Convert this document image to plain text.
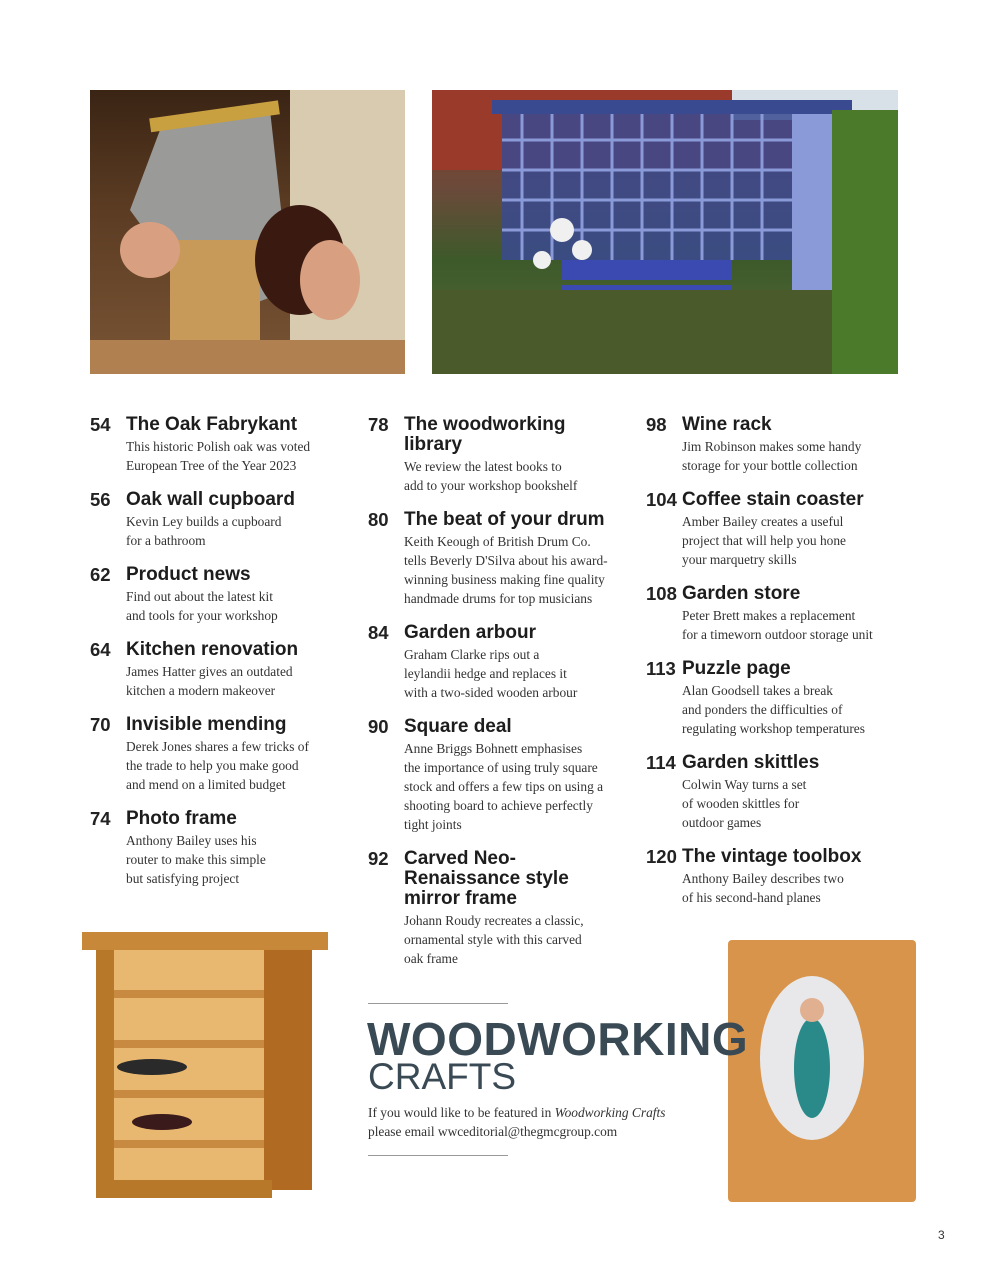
54 The Oak Fabrykant
This historic Polish oak was voted
European Tree of the Year 2023
56 Oak wall cupboard
Kevin Ley builds a cupboard
for a bathroom
62 Product news
Find out about the latest kit
and tools for your workshop
64 Kitchen renovation
James Hatter gives an outdated
kitchen a modern makeover
70 Invisible mending
Derek Jones shares a few tricks of
the trade to help you make good
and mend on a limited budget
74 Photo frame
Anthony Bailey uses his
router to make this simple
but satisfying project
78 The woodworking library
We review the latest books to
add to your workshop bookshelf
80 The beat of your drum
Keith Keough of British Drum Co.
tells Beverly D'Silva about his award-
winning business making fine quality
handmade drums for top musicians
84 Garden arbour
Graham Clarke rips out a
leylandii hedge and replaces it
with a two-sided wooden arbour
90 Square deal
Anne Briggs Bohnett emphasises
the importance of using truly square
stock and offers a few tips on using a
shooting board to achieve perfectly
tight joints
92 Carved Neo-Renaissance style mirror frame
Johann Roudy recreates a classic,
ornamental style with this carved
oak frame
98 Wine rack
Jim Robinson makes some handy
storage for your bottle collection
104 Coffee stain coaster
Amber Bailey creates a useful
project that will help you hone
your marquetry skills
108 Garden store
Peter Brett makes a replacement
for a timeworn outdoor storage unit
113 Puzzle page
Alan Goodsell takes a break
and ponders the difficulties of
regulating workshop temperatures
114 Garden skittles
Colwin Way turns a set
of wooden skittles for
outdoor games
120 The vintage toolbox
Anthony Bailey describes two
of his second-hand planes
WOODWORKING
CRAFTS
If you would like to be featured in Woodworking Crafts
please email wwceditorial@thegmcgroup.com
3
